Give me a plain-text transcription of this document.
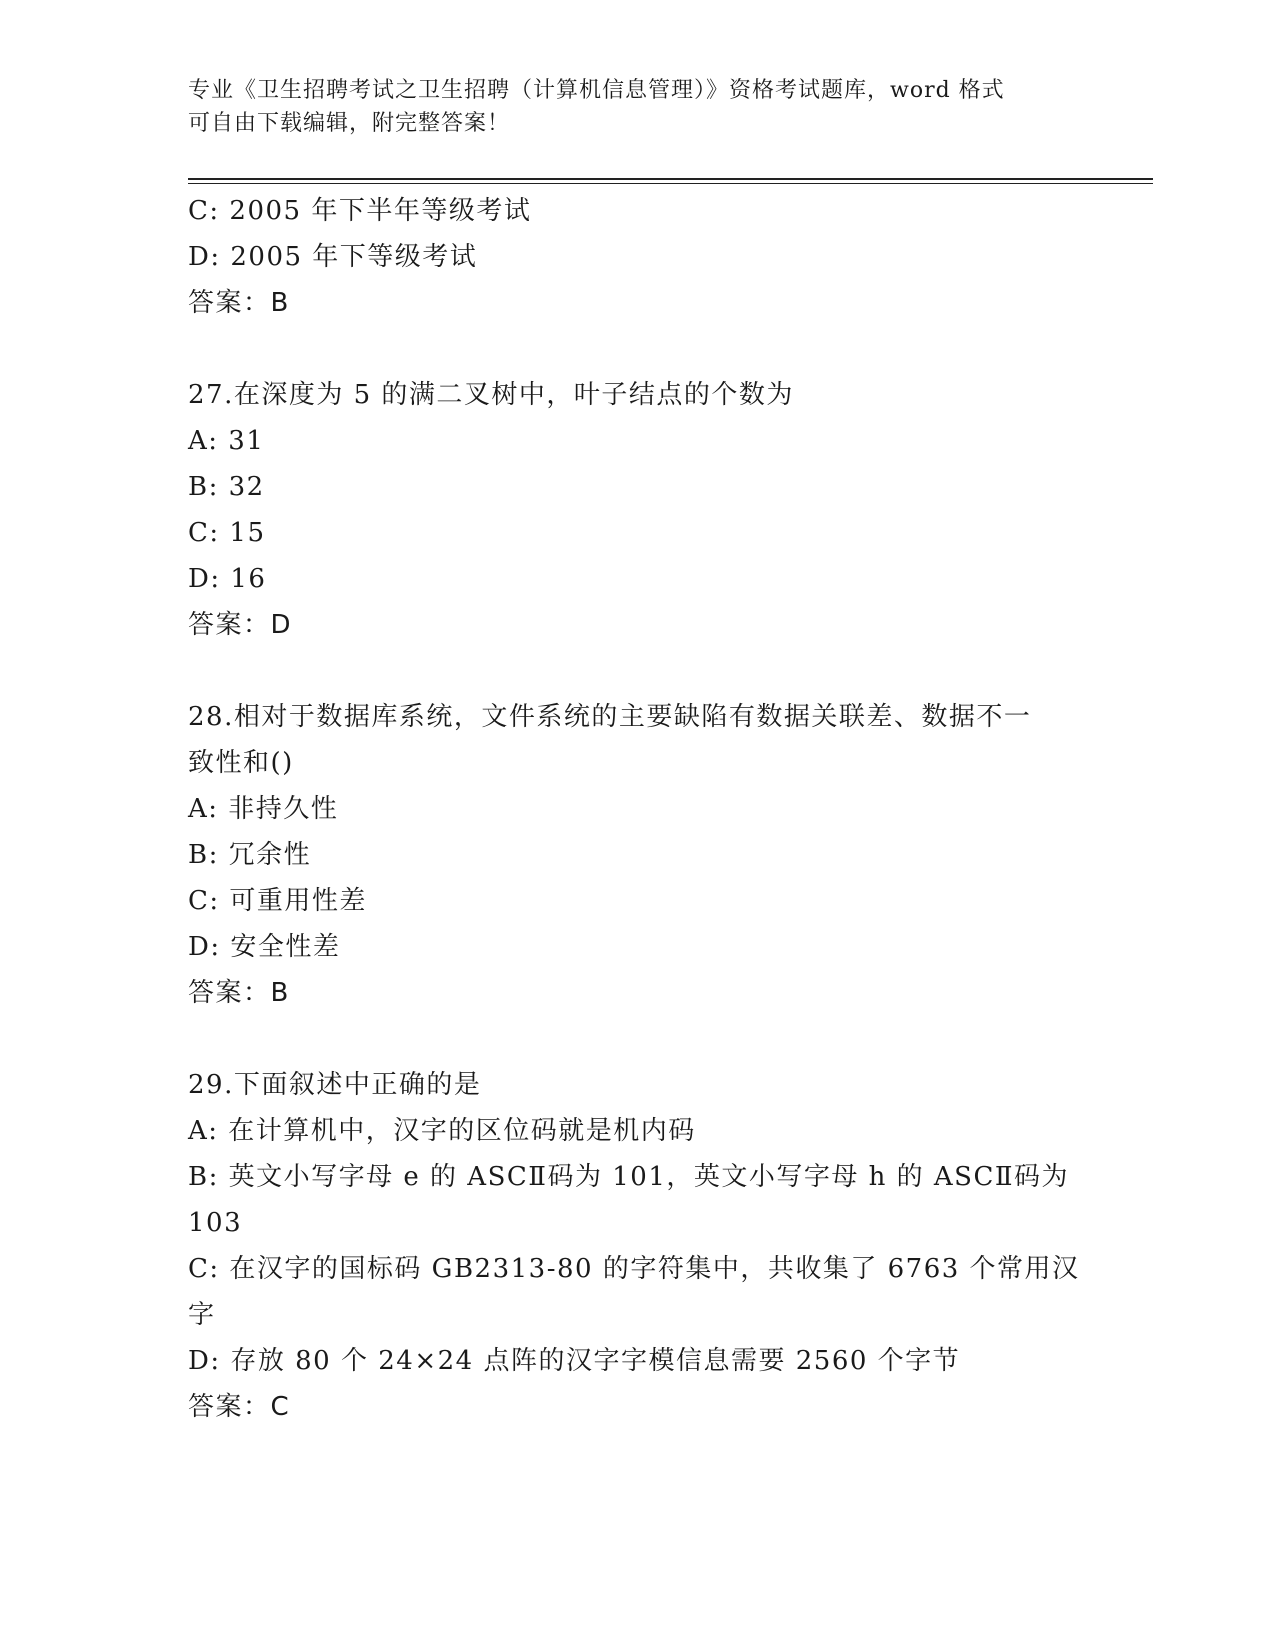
专业《卫生招聘考试之卫生招聘（计算机信息管理）》资格考试题库，word 格式
可自由下载编辑，附完整答案！
C: 2005 年下半年等级考试
D: 2005 年下等级考试
答案：B
27.在深度为 5 的满二叉树中，叶子结点的个数为
A: 31
B: 32
C: 15
D: 16
答案：D
28.相对于数据库系统，文件系统的主要缺陷有数据关联差、数据不一
致性和()
A: 非持久性
B: 冗余性
C: 可重用性差
D: 安全性差
答案：B
29.下面叙述中正确的是
A: 在计算机中，汉字的区位码就是机内码
B: 英文小写字母 e 的 ASCⅡ码为 101，英文小写字母 h 的 ASCⅡ码为
103
C: 在汉字的国标码 GB2313-80 的字符集中，共收集了 6763 个常用汉
字
D: 存放 80 个 24×24 点阵的汉字字模信息需要 2560 个字节
答案：C
